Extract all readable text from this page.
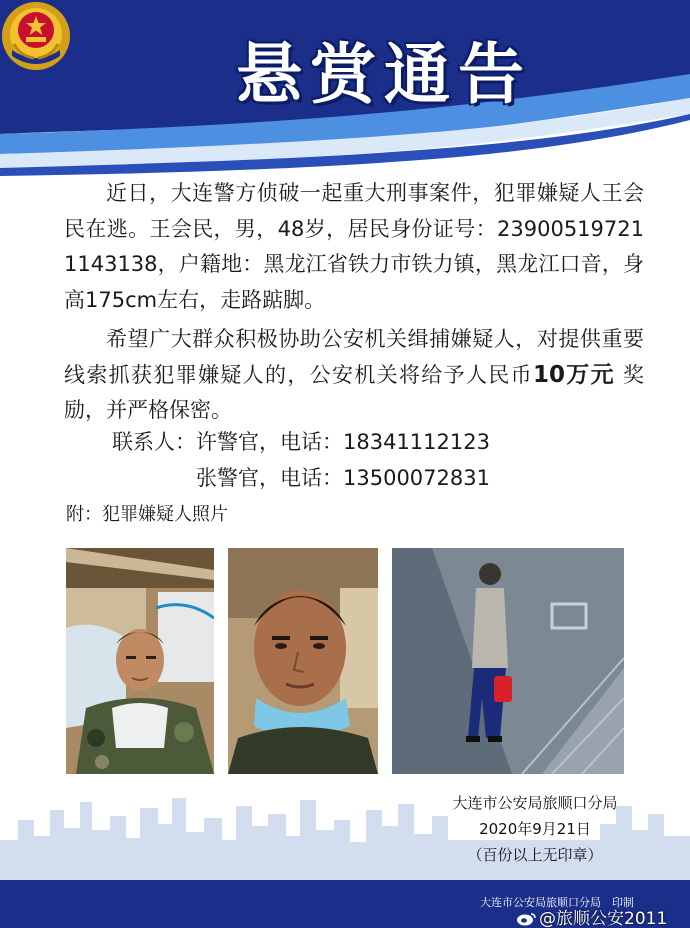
悬赏通告

近日，大连警方侦破一起重大刑事案件，犯罪嫌疑人王会民在逃。王会民，男，48岁，居民身份证号：239005197211143138，户籍地：黑龙江省铁力市铁力镇，黑龙江口音，身高175cm左右，走路踮脚。

希望广大群众积极协助公安机关缉捕嫌疑人，对提供重要线索抓获犯罪嫌疑人的，公安机关将给予人民币10万元 奖励，并严格保密。

联系人：许警官，电话：18341112123
张警官，电话：13500072831
附：犯罪嫌疑人照片
大连市公安局旅顺口分局
2020年9月21日
（百份以上无印章）
大连市公安局旅顺口分局　印制
@旅顺公安2011
